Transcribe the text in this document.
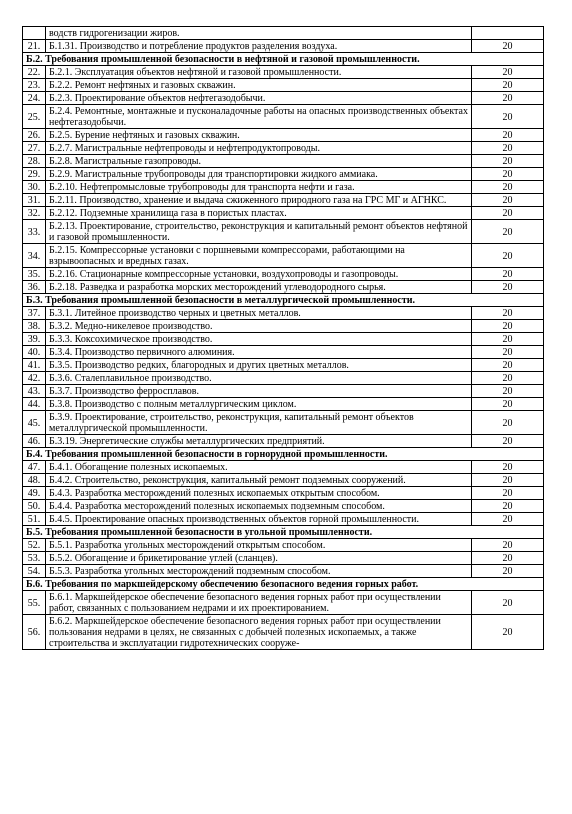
	водств гидрогенизации жиров.	
21.	Б.1.31. Производство и потребление продуктов разделения воздуха.	20
Б.2. Требования промышленной безопасности в нефтяной и газовой промышленности.		
22.	Б.2.1. Эксплуатация объектов нефтяной и газовой промышленности.	20
23.	Б.2.2. Ремонт нефтяных и газовых скважин.	20
24.	Б.2.3. Проектирование объектов нефтегазодобычи.	20
25.	Б.2.4. Ремонтные, монтажные и пусконаладочные работы на опасных производственных объектах нефтегазодобычи.	20
26.	Б.2.5. Бурение нефтяных и газовых скважин.	20
27.	Б.2.7. Магистральные нефтепроводы и нефтепродуктопроводы.	20
28.	Б.2.8. Магистральные газопроводы.	20
29.	Б.2.9. Магистральные трубопроводы для транспортировки жидкого аммиака.	20
30.	Б.2.10. Нефтепромысловые трубопроводы для транспорта нефти и газа.	20
31.	Б.2.11. Производство, хранение и выдача сжиженного природного газа на ГРС МГ и АГНКС.	20
32.	Б.2.12. Подземные хранилища газа в пористых пластах.	20
33.	Б.2.13. Проектирование, строительство, реконструкция и капитальный ремонт объектов нефтяной и газовой промышленности.	20
34.	Б.2.15. Компрессорные установки с поршневыми компрессорами, работающими на взрывоопасных и вредных газах.	20
35.	Б.2.16. Стационарные компрессорные установки, воздухопроводы и газопроводы.	20
36.	Б.2.18. Разведка и разработка морских месторождений углеводородного сырья.	20
Б.3. Требования промышленной безопасности в металлургической промышленности.		
37.	Б.3.1. Литейное производство черных и цветных металлов.	20
38.	Б.3.2. Медно-никелевое производство.	20
39.	Б.3.3. Коксохимическое производство.	20
40.	Б.3.4. Производство первичного алюминия.	20
41.	Б.3.5. Производство редких, благородных и других цветных металлов.	20
42.	Б.3.6. Сталеплавильное производство.	20
43.	Б.3.7. Производство ферросплавов.	20
44.	Б.3.8. Производство с полным металлургическим циклом.	20
45.	Б.3.9. Проектирование, строительство, реконструкция, капитальный ремонт объектов металлургической промышленности.	20
46.	Б.3.19. Энергетические службы металлургических предприятий.	20
Б.4. Требования промышленной безопасности в горнорудной промышленности.		
47.	Б.4.1. Обогащение полезных ископаемых.	20
48.	Б.4.2. Строительство, реконструкция, капитальный ремонт подземных сооружений.	20
49.	Б.4.3. Разработка месторождений полезных ископаемых открытым способом.	20
50.	Б.4.4. Разработка месторождений полезных ископаемых подземным способом.	20
51.	Б.4.5. Проектирование опасных производственных объектов горной промышленности.	20
Б.5. Требования промышленной безопасности в угольной промышленности.		
52.	Б.5.1. Разработка угольных месторождений открытым способом.	20
53.	Б.5.2. Обогащение и брикетирование углей (сланцев).	20
54.	Б.5.3. Разработка угольных месторождений подземным способом.	20
Б.6. Требования по маркшейдерскому обеспечению безопасного ведения горных работ.		
55.	Б.6.1. Маркшейдерское обеспечение безопасного ведения горных работ при осуществлении работ, связанных с пользованием недрами и их проектированием.	20
56.	Б.6.2. Маркшейдерское обеспечение безопасного ведения горных работ при осуществлении пользования недрами в целях, не связанных с добычей полезных ископаемых, а также строительства и эксплуатации гидротехнических сооруже-	20
